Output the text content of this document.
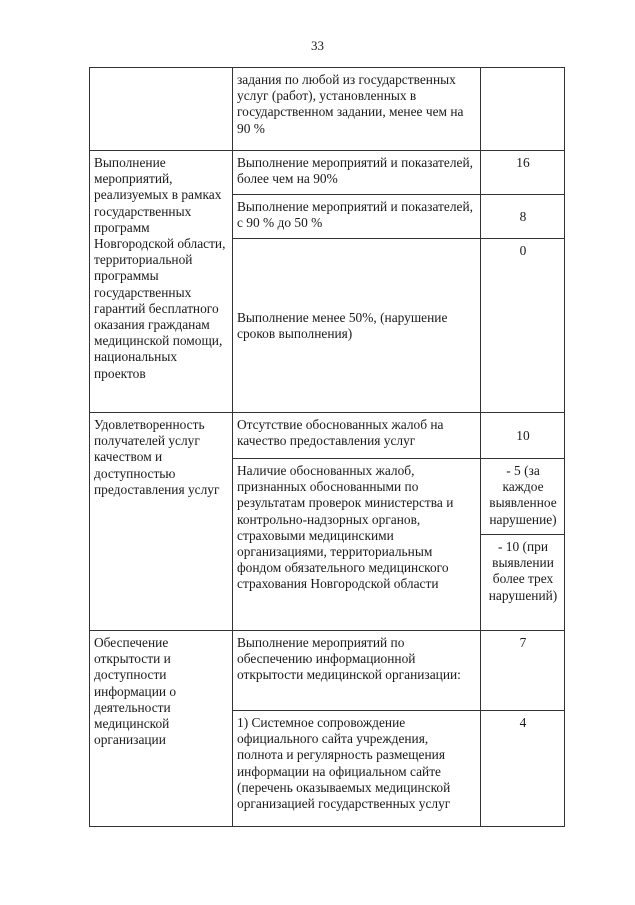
33
	задания по любой из государственных услуг (работ), установленных в государственном задании, менее чем на 90 %	
Выполнение мероприятий, реализуемых в рамках государственных программ Новгородской области, территориальной программы государственных гарантий бесплатного оказания гражданам медицинской помощи, национальных проектов	Выполнение мероприятий и показателей, более чем на 90%	16
	Выполнение мероприятий и показателей, с 90 % до 50 %	8
	Выполнение менее 50%, (нарушение сроков выполнения)	0
Удовлетворенность получателей услуг качеством и доступностью предоставления услуг	Отсутствие обоснованных жалоб на качество предоставления услуг	10
	Наличие обоснованных жалоб, признанных обоснованными по результатам проверок министерства и контрольно-надзорных органов, страховыми медицинскими организациями, территориальным фондом обязательного медицинского страхования Новгородской области	- 5 (за каждое выявленное нарушение)
		- 10 (при выявлении более трех нарушений)
Обеспечение открытости и доступности информации о деятельности медицинской организации	Выполнение мероприятий по обеспечению информационной открытости медицинской организации:	7
	1) Системное сопровождение официального сайта учреждения, полнота и регулярность размещения информации на официальном сайте (перечень оказываемых медицинской организацией государственных услуг	4
